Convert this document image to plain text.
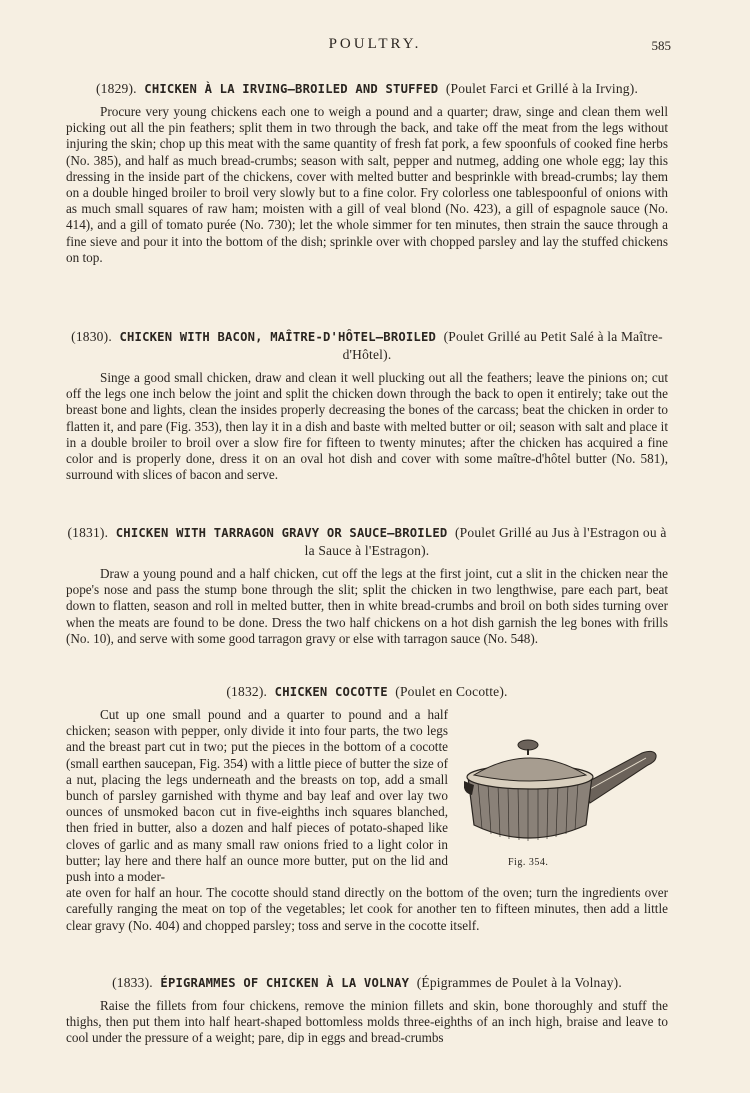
POULTRY.	585
(1829). CHICKEN À LA IRVING—BROILED AND STUFFED (Poulet Farci et Grillé à la Irving).
Procure very young chickens each one to weigh a pound and a quarter; draw, singe and clean them well picking out all the pin feathers; split them in two through the back, and take off the meat from the legs without injuring the skin; chop up this meat with the same quantity of fresh fat pork, a few spoonfuls of cooked fine herbs (No. 385), and half as much bread-crumbs; season with salt, pepper and nutmeg, adding one whole egg; lay this dressing in the inside part of the chickens, cover with melted butter and besprinkle with bread-crumbs; lay them on a double hinged broiler to broil very slowly but to a fine color. Fry colorless one tablespoonful of onions with as much small squares of raw ham; moisten with a gill of veal blond (No. 423), a gill of espagnole sauce (No. 414), and a gill of tomato purée (No. 730); let the whole simmer for ten minutes, then strain the sauce through a fine sieve and pour it into the bottom of the dish; sprinkle over with chopped parsley and lay the stuffed chickens on top.
(1830). CHICKEN WITH BACON, MAÎTRE-D'HÔTEL—BROILED (Poulet Grillé au Petit Salé à la Maître-d'Hôtel).
Singe a good small chicken, draw and clean it well plucking out all the feathers; leave the pinions on; cut off the legs one inch below the joint and split the chicken down through the back to open it entirely; take out the breast bone and lights, clean the insides properly decreasing the bones of the carcass; beat the chicken in order to flatten it, and pare (Fig. 353), then lay it in a dish and baste with melted butter or oil; season with salt and place it in a double broiler to broil over a slow fire for fifteen to twenty minutes; after the chicken has acquired a fine color and is properly done, dress it on an oval hot dish and cover with some maître-d'hôtel butter (No. 581), surround with slices of bacon and serve.
(1831). CHICKEN WITH TARRAGON GRAVY OR SAUCE—BROILED (Poulet Grillé au Jus à l'Estragon ou à la Sauce à l'Estragon).
Draw a young pound and a half chicken, cut off the legs at the first joint, cut a slit in the chicken near the pope's nose and pass the stump bone through the slit; split the chicken in two lengthwise, pare each part, beat down to flatten, season and roll in melted butter, then in white bread-crumbs and broil on both sides turning over when the meats are found to be done. Dress the two half chickens on a hot dish garnish the leg bones with frills (No. 10), and serve with some good tarragon gravy or else with tarragon sauce (No. 548).
(1832). CHICKEN COCOTTE (Poulet en Cocotte).
Cut up one small pound and a quarter to pound and a half chicken; season with pepper, only divide it into four parts, the two legs and the breast part cut in two; put the pieces in the bottom of a cocotte (small earthen saucepan, Fig. 354) with a little piece of butter the size of a nut, placing the legs underneath and the breasts on top, add a small bunch of parsley garnished with thyme and bay leaf and over lay two ounces of unsmoked bacon cut in five-eighths inch squares blanched, then fried in butter, also a dozen and half pieces of potato-shaped like cloves of garlic and as many small raw onions fried to a light color in butter; lay here and there half an ounce more butter, put on the lid and push into a moder-
ate oven for half an hour. The cocotte should stand directly on the bottom of the oven; turn the ingredients over carefully ranging the meat on top of the vegetables; let cook for another ten to fifteen minutes, then add a little clear gravy (No. 404) and chopped parsley; toss and serve in the cocotte itself.
Fig. 354.
(1833). ÉPIGRAMMES OF CHICKEN À LA VOLNAY (Épigrammes de Poulet à la Volnay).
Raise the fillets from four chickens, remove the minion fillets and skin, bone thoroughly and stuff the thighs, then put them into half heart-shaped bottomless molds three-eighths of an inch high, braise and leave to cool under the pressure of a weight; pare, dip in eggs and bread-crumbs
